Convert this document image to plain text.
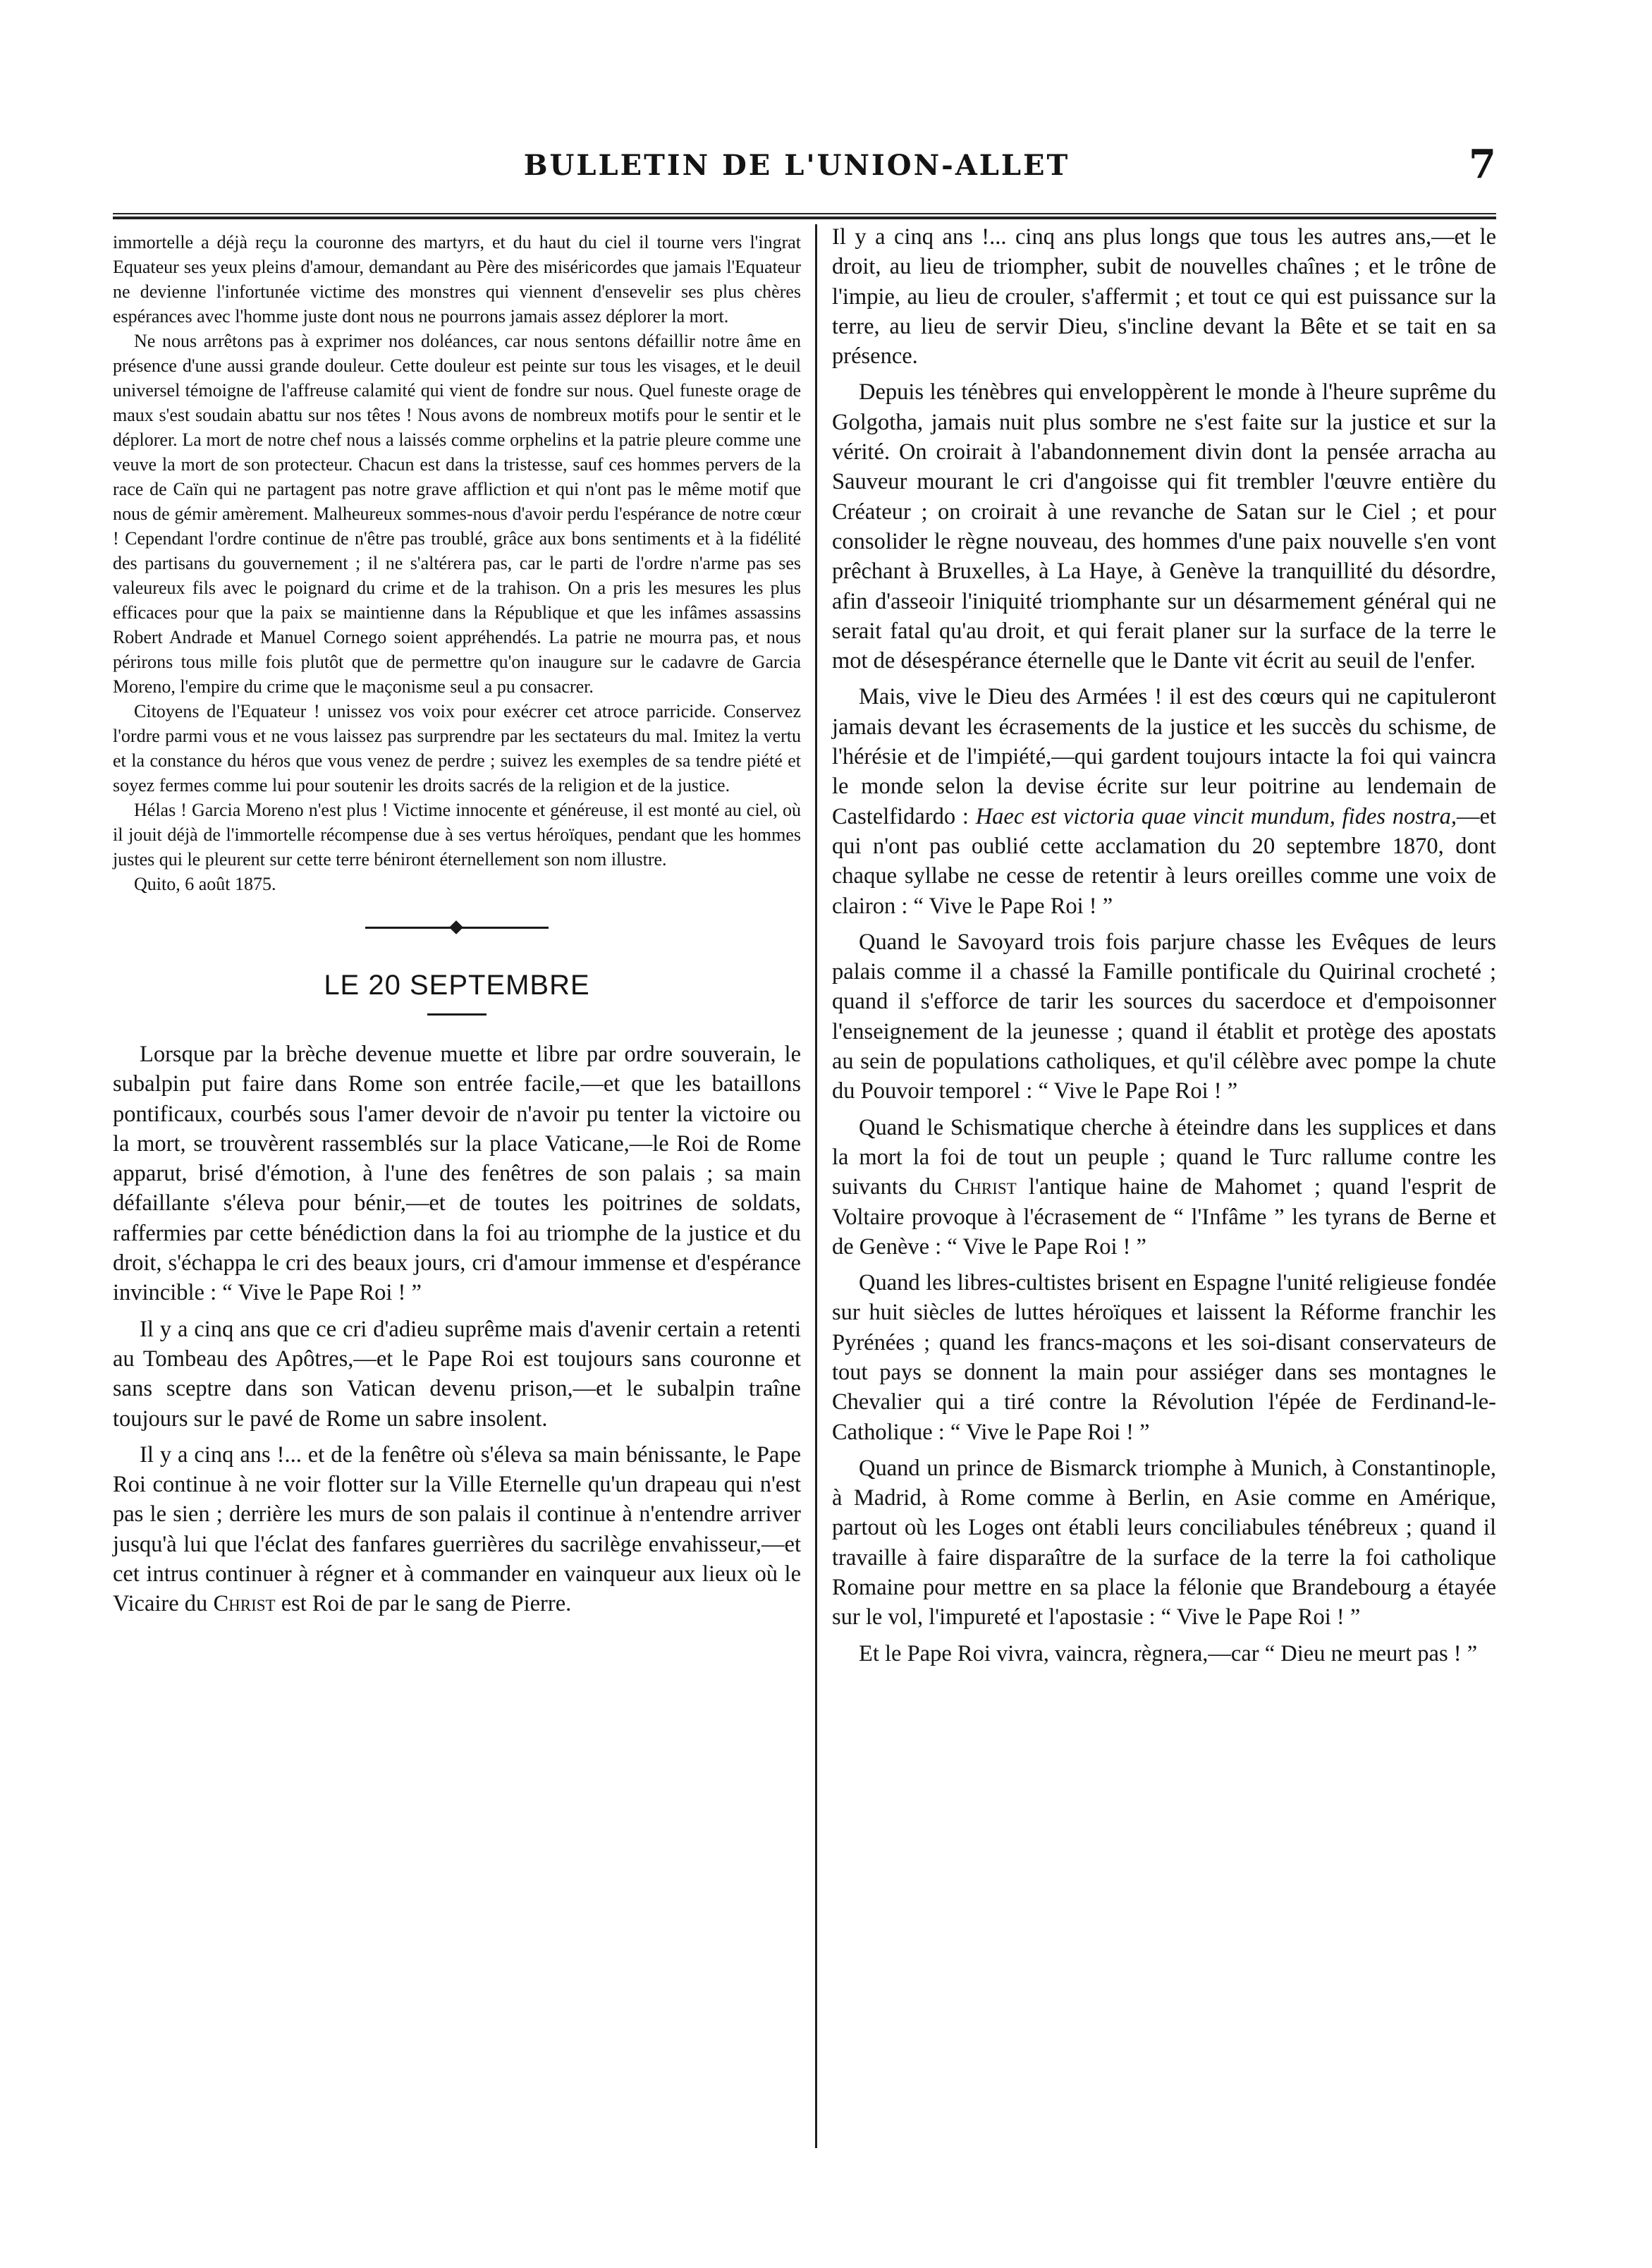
BULLETIN DE L'UNION-ALLET	7

immortelle a déjà reçu la couronne des martyrs, et du haut du ciel il tourne vers l'ingrat Equateur ses yeux pleins d'amour, demandant au Père des miséricordes que jamais l'Equateur ne devienne l'infortunée victime des monstres qui viennent d'ensevelir ses plus chères espérances avec l'homme juste dont nous ne pourrons jamais assez déplorer la mort.

Ne nous arrêtons pas à exprimer nos doléances, car nous sentons défaillir notre âme en présence d'une aussi grande douleur. Cette douleur est peinte sur tous les visages, et le deuil universel témoigne de l'affreuse calamité qui vient de fondre sur nous. Quel funeste orage de maux s'est soudain abattu sur nos têtes ! Nous avons de nombreux motifs pour le sentir et le déplorer. La mort de notre chef nous a laissés comme orphelins et la patrie pleure comme une veuve la mort de son protecteur. Chacun est dans la tristesse, sauf ces hommes pervers de la race de Caïn qui ne partagent pas notre grave affliction et qui n'ont pas le même motif que nous de gémir amèrement. Malheureux sommes-nous d'avoir perdu l'espérance de notre cœur ! Cependant l'ordre continue de n'être pas troublé, grâce aux bons sentiments et à la fidélité des partisans du gouvernement ; il ne s'altérera pas, car le parti de l'ordre n'arme pas ses valeureux fils avec le poignard du crime et de la trahison. On a pris les mesures les plus efficaces pour que la paix se maintienne dans la République et que les infâmes assassins Robert Andrade et Manuel Cornego soient appréhendés. La patrie ne mourra pas, et nous périrons tous mille fois plutôt que de permettre qu'on inaugure sur le cadavre de Garcia Moreno, l'empire du crime que le maçonisme seul a pu consacrer.

Citoyens de l'Equateur ! unissez vos voix pour exécrer cet atroce parricide. Conservez l'ordre parmi vous et ne vous laissez pas surprendre par les sectateurs du mal. Imitez la vertu et la constance du héros que vous venez de perdre ; suivez les exemples de sa tendre piété et soyez fermes comme lui pour soutenir les droits sacrés de la religion et de la justice.

Hélas ! Garcia Moreno n'est plus ! Victime innocente et généreuse, il est monté au ciel, où il jouit déjà de l'immortelle récompense due à ses vertus héroïques, pendant que les hommes justes qui le pleurent sur cette terre béniront éternellement son nom illustre.

Quito, 6 août 1875.

LE 20 SEPTEMBRE

Lorsque par la brèche devenue muette et libre par ordre souverain, le subalpin put faire dans Rome son entrée facile,—et que les bataillons pontificaux, courbés sous l'amer devoir de n'avoir pu tenter la victoire ou la mort, se trouvèrent rassemblés sur la place Vaticane,—le Roi de Rome apparut, brisé d'émotion, à l'une des fenêtres de son palais ; sa main défaillante s'éleva pour bénir,—et de toutes les poitrines de soldats, raffermies par cette bénédiction dans la foi au triomphe de la justice et du droit, s'échappa le cri des beaux jours, cri d'amour immense et d'espérance invincible : “ Vive le Pape Roi ! ”

Il y a cinq ans que ce cri d'adieu suprême mais d'avenir certain a retenti au Tombeau des Apôtres,—et le Pape Roi est toujours sans couronne et sans sceptre dans son Vatican devenu prison,—et le subalpin traîne toujours sur le pavé de Rome un sabre insolent.

Il y a cinq ans !... et de la fenêtre où s'éleva sa main bénissante, le Pape Roi continue à ne voir flotter sur la Ville Eternelle qu'un drapeau qui n'est pas le sien ; derrière les murs de son palais il continue à n'entendre arriver jusqu'à lui que l'éclat des fanfares guerrières du sacrilège envahisseur,—et cet intrus continuer à régner et à commander en vainqueur aux lieux où le Vicaire du Christ est Roi de par le sang de Pierre.

Il y a cinq ans !... cinq ans plus longs que tous les autres ans,—et le droit, au lieu de triompher, subit de nouvelles chaînes ; et le trône de l'impie, au lieu de crouler, s'affermit ; et tout ce qui est puissance sur la terre, au lieu de servir Dieu, s'incline devant la Bête et se tait en sa présence.

Depuis les ténèbres qui enveloppèrent le monde à l'heure suprême du Golgotha, jamais nuit plus sombre ne s'est faite sur la justice et sur la vérité. On croirait à l'abandonnement divin dont la pensée arracha au Sauveur mourant le cri d'angoisse qui fit trembler l'œuvre entière du Créateur ; on croirait à une revanche de Satan sur le Ciel ; et pour consolider le règne nouveau, des hommes d'une paix nouvelle s'en vont prêchant à Bruxelles, à La Haye, à Genève la tranquillité du désordre, afin d'asseoir l'iniquité triomphante sur un désarmement général qui ne serait fatal qu'au droit, et qui ferait planer sur la surface de la terre le mot de désespérance éternelle que le Dante vit écrit au seuil de l'enfer.

Mais, vive le Dieu des Armées ! il est des cœurs qui ne capituleront jamais devant les écrasements de la justice et les succès du schisme, de l'hérésie et de l'impiété,—qui gardent toujours intacte la foi qui vaincra le monde selon la devise écrite sur leur poitrine au lendemain de Castelfidardo : Haec est victoria quae vincit mundum, fides nostra,—et qui n'ont pas oublié cette acclamation du 20 septembre 1870, dont chaque syllabe ne cesse de retentir à leurs oreilles comme une voix de clairon : “ Vive le Pape Roi ! ”

Quand le Savoyard trois fois parjure chasse les Evêques de leurs palais comme il a chassé la Famille pontificale du Quirinal crocheté ; quand il s'efforce de tarir les sources du sacerdoce et d'empoisonner l'enseignement de la jeunesse ; quand il établit et protège des apostats au sein de populations catholiques, et qu'il célèbre avec pompe la chute du Pouvoir temporel : “ Vive le Pape Roi ! ”

Quand le Schismatique cherche à éteindre dans les supplices et dans la mort la foi de tout un peuple ; quand le Turc rallume contre les suivants du Christ l'antique haine de Mahomet ; quand l'esprit de Voltaire provoque à l'écrasement de “ l'Infâme ” les tyrans de Berne et de Genève : “ Vive le Pape Roi ! ”

Quand les libres-cultistes brisent en Espagne l'unité religieuse fondée sur huit siècles de luttes héroïques et laissent la Réforme franchir les Pyrénées ; quand les francs-maçons et les soi-disant conservateurs de tout pays se donnent la main pour assiéger dans ses montagnes le Chevalier qui a tiré contre la Révolution l'épée de Ferdinand-le-Catholique : “ Vive le Pape Roi ! ”

Quand un prince de Bismarck triomphe à Munich, à Constantinople, à Madrid, à Rome comme à Berlin, en Asie comme en Amérique, partout où les Loges ont établi leurs conciliabules ténébreux ; quand il travaille à faire disparaître de la surface de la terre la foi catholique Romaine pour mettre en sa place la félonie que Brandebourg a étayée sur le vol, l'impureté et l'apostasie : “ Vive le Pape Roi ! ”

Et le Pape Roi vivra, vaincra, règnera,—car “ Dieu ne meurt pas ! ”
